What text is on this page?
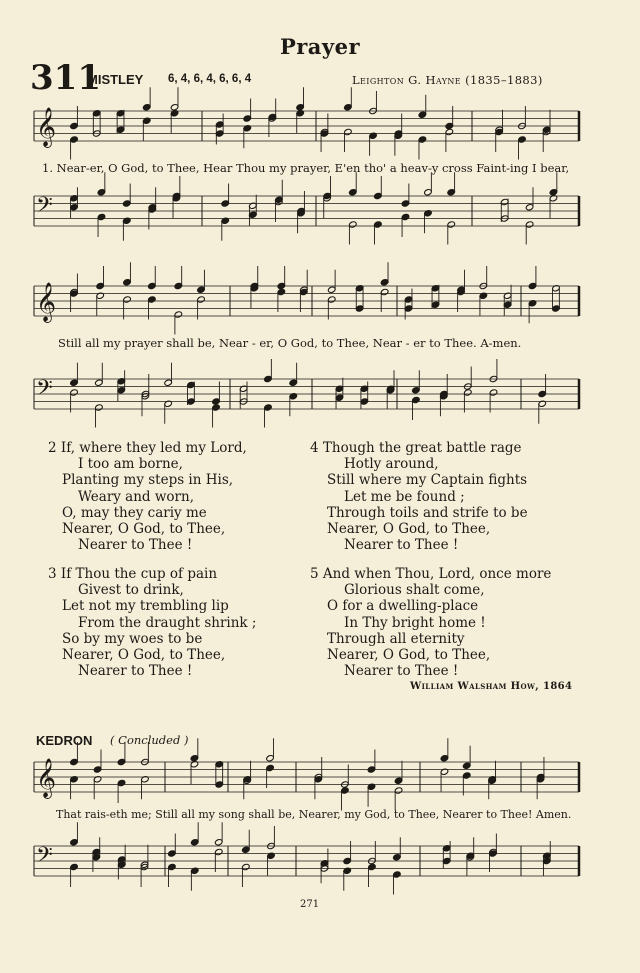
Prayer
311
MISTLEY 6, 4, 6, 4, 6, 6, 4	Leighton G. Hayne (1835–1883)
𝄞
𝄢
𝄞
𝄢
𝄞
𝄢
1. Near-er, O God, to Thee, Hear Thou my prayer, E'en tho' a heav-y cross Faint-ing I bear,
Still all my prayer shall be, Near - er, O God, to Thee, Near - er to Thee. A-men.
2 If, where they led my Lord,
I too am borne,
Planting my steps in His,
Weary and worn,
O, may they cariy me
Nearer, O God, to Thee,
Nearer to Thee !
3 If Thou the cup of pain
Givest to drink,
Let not my trembling lip
From the draught shrink ;
So by my woes to be
Nearer, O God, to Thee,
Nearer to Thee !
4 Though the great battle rage
Hotly around,
Still where my Captain fights
Let me be found ;
Through toils and strife to be
Nearer, O God, to Thee,
Nearer to Thee !
5 And when Thou, Lord, once more
Glorious shalt come,
O for a dwelling-place
In Thy bright home !
Through all eternity
Nearer, O God, to Thee,
Nearer to Thee !
William Walsham How, 1864
KEDRON ( Concluded )
That rais-eth me; Still all my song shall be, Nearer, my God, to Thee, Nearer to Thee! Amen.
271
